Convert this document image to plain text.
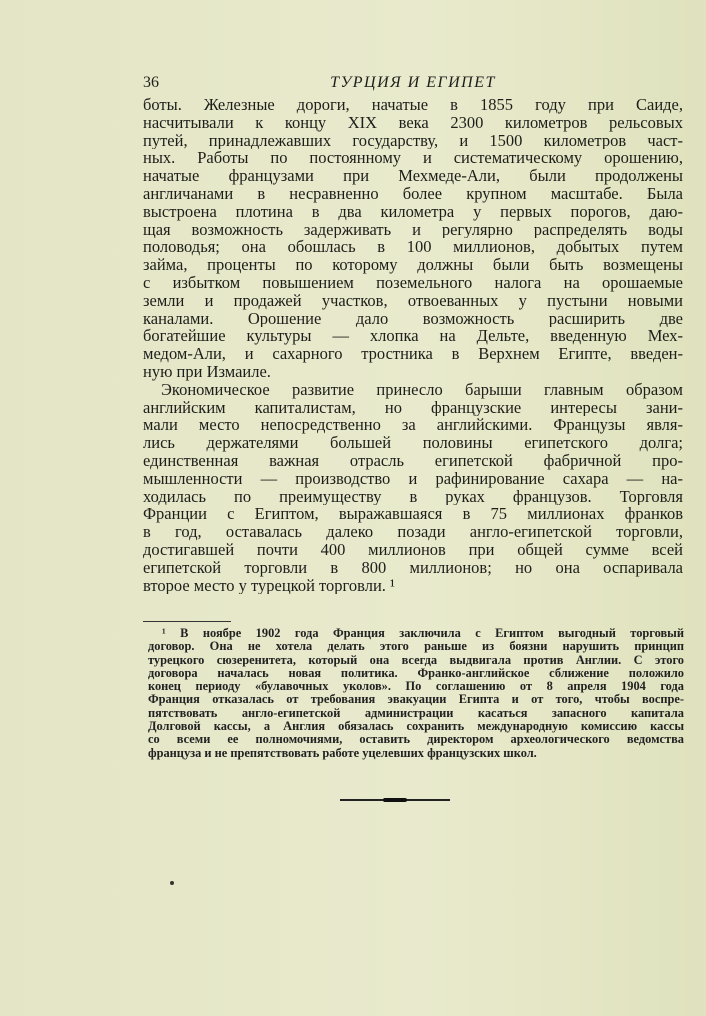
36	ТУРЦИЯ И ЕГИПЕТ
боты. Железные дороги, начатые в 1855 году при Саиде,
насчитывали к концу XIX века 2300 километров рельсовых
путей, принадлежавших государству, и 1500 километров част-
ных. Работы по постоянному и систематическому орошению,
начатые французами при Мехмеде-Али, были продолжены
англичанами в несравненно более крупном масштабе. Была
выстроена плотина в два километра у первых порогов, даю-
щая возможность задерживать и регулярно распределять воды
половодья; она обошлась в 100 миллионов, добытых путем
займа, проценты по которому должны были быть возмещены
с избытком повышением поземельного налога на орошаемые
земли и продажей участков, отвоеванных у пустыни новыми
каналами. Орошение дало возможность расширить две
богатейшие культуры — хлопка на Дельте, введенную Мех-
медом-Али, и сахарного тростника в Верхнем Египте, введен-
ную при Измаиле.
Экономическое развитие принесло барыши главным образом
английским капиталистам, но французские интересы зани-
мали место непосредственно за английскими. Французы явля-
лись держателями большей половины египетского долга;
единственная важная отрасль египетской фабричной про-
мышленности — производство и рафинирование сахара — на-
ходилась по преимуществу в руках французов. Торговля
Франции с Египтом, выражавшаяся в 75 миллионах франков
в год, оставалась далеко позади англо-египетской торговли,
достигавшей почти 400 миллионов при общей сумме всей
египетской торговли в 800 миллионов; но она оспаривала
второе место у турецкой торговли. ¹
¹ В ноябре 1902 года Франция заключила с Египтом выгодный торговый
договор. Она не хотела делать этого раньше из боязни нарушить принцип
турецкого сюзеренитета, который она всегда выдвигала против Англии. С этого
договора началась новая политика. Франко-английское сближение положило
конец периоду «булавочных уколов». По соглашению от 8 апреля 1904 года
Франция отказалась от требования эвакуации Египта и от того, чтобы воспре-
пятствовать англо-египетской администрации касаться запасного капитала
Долговой кассы, а Англия обязалась сохранить международную комиссию кассы
со всеми ее полномочиями, оставить директором археологического ведомства
француза и не препятствовать работе уцелевших французских школ.
